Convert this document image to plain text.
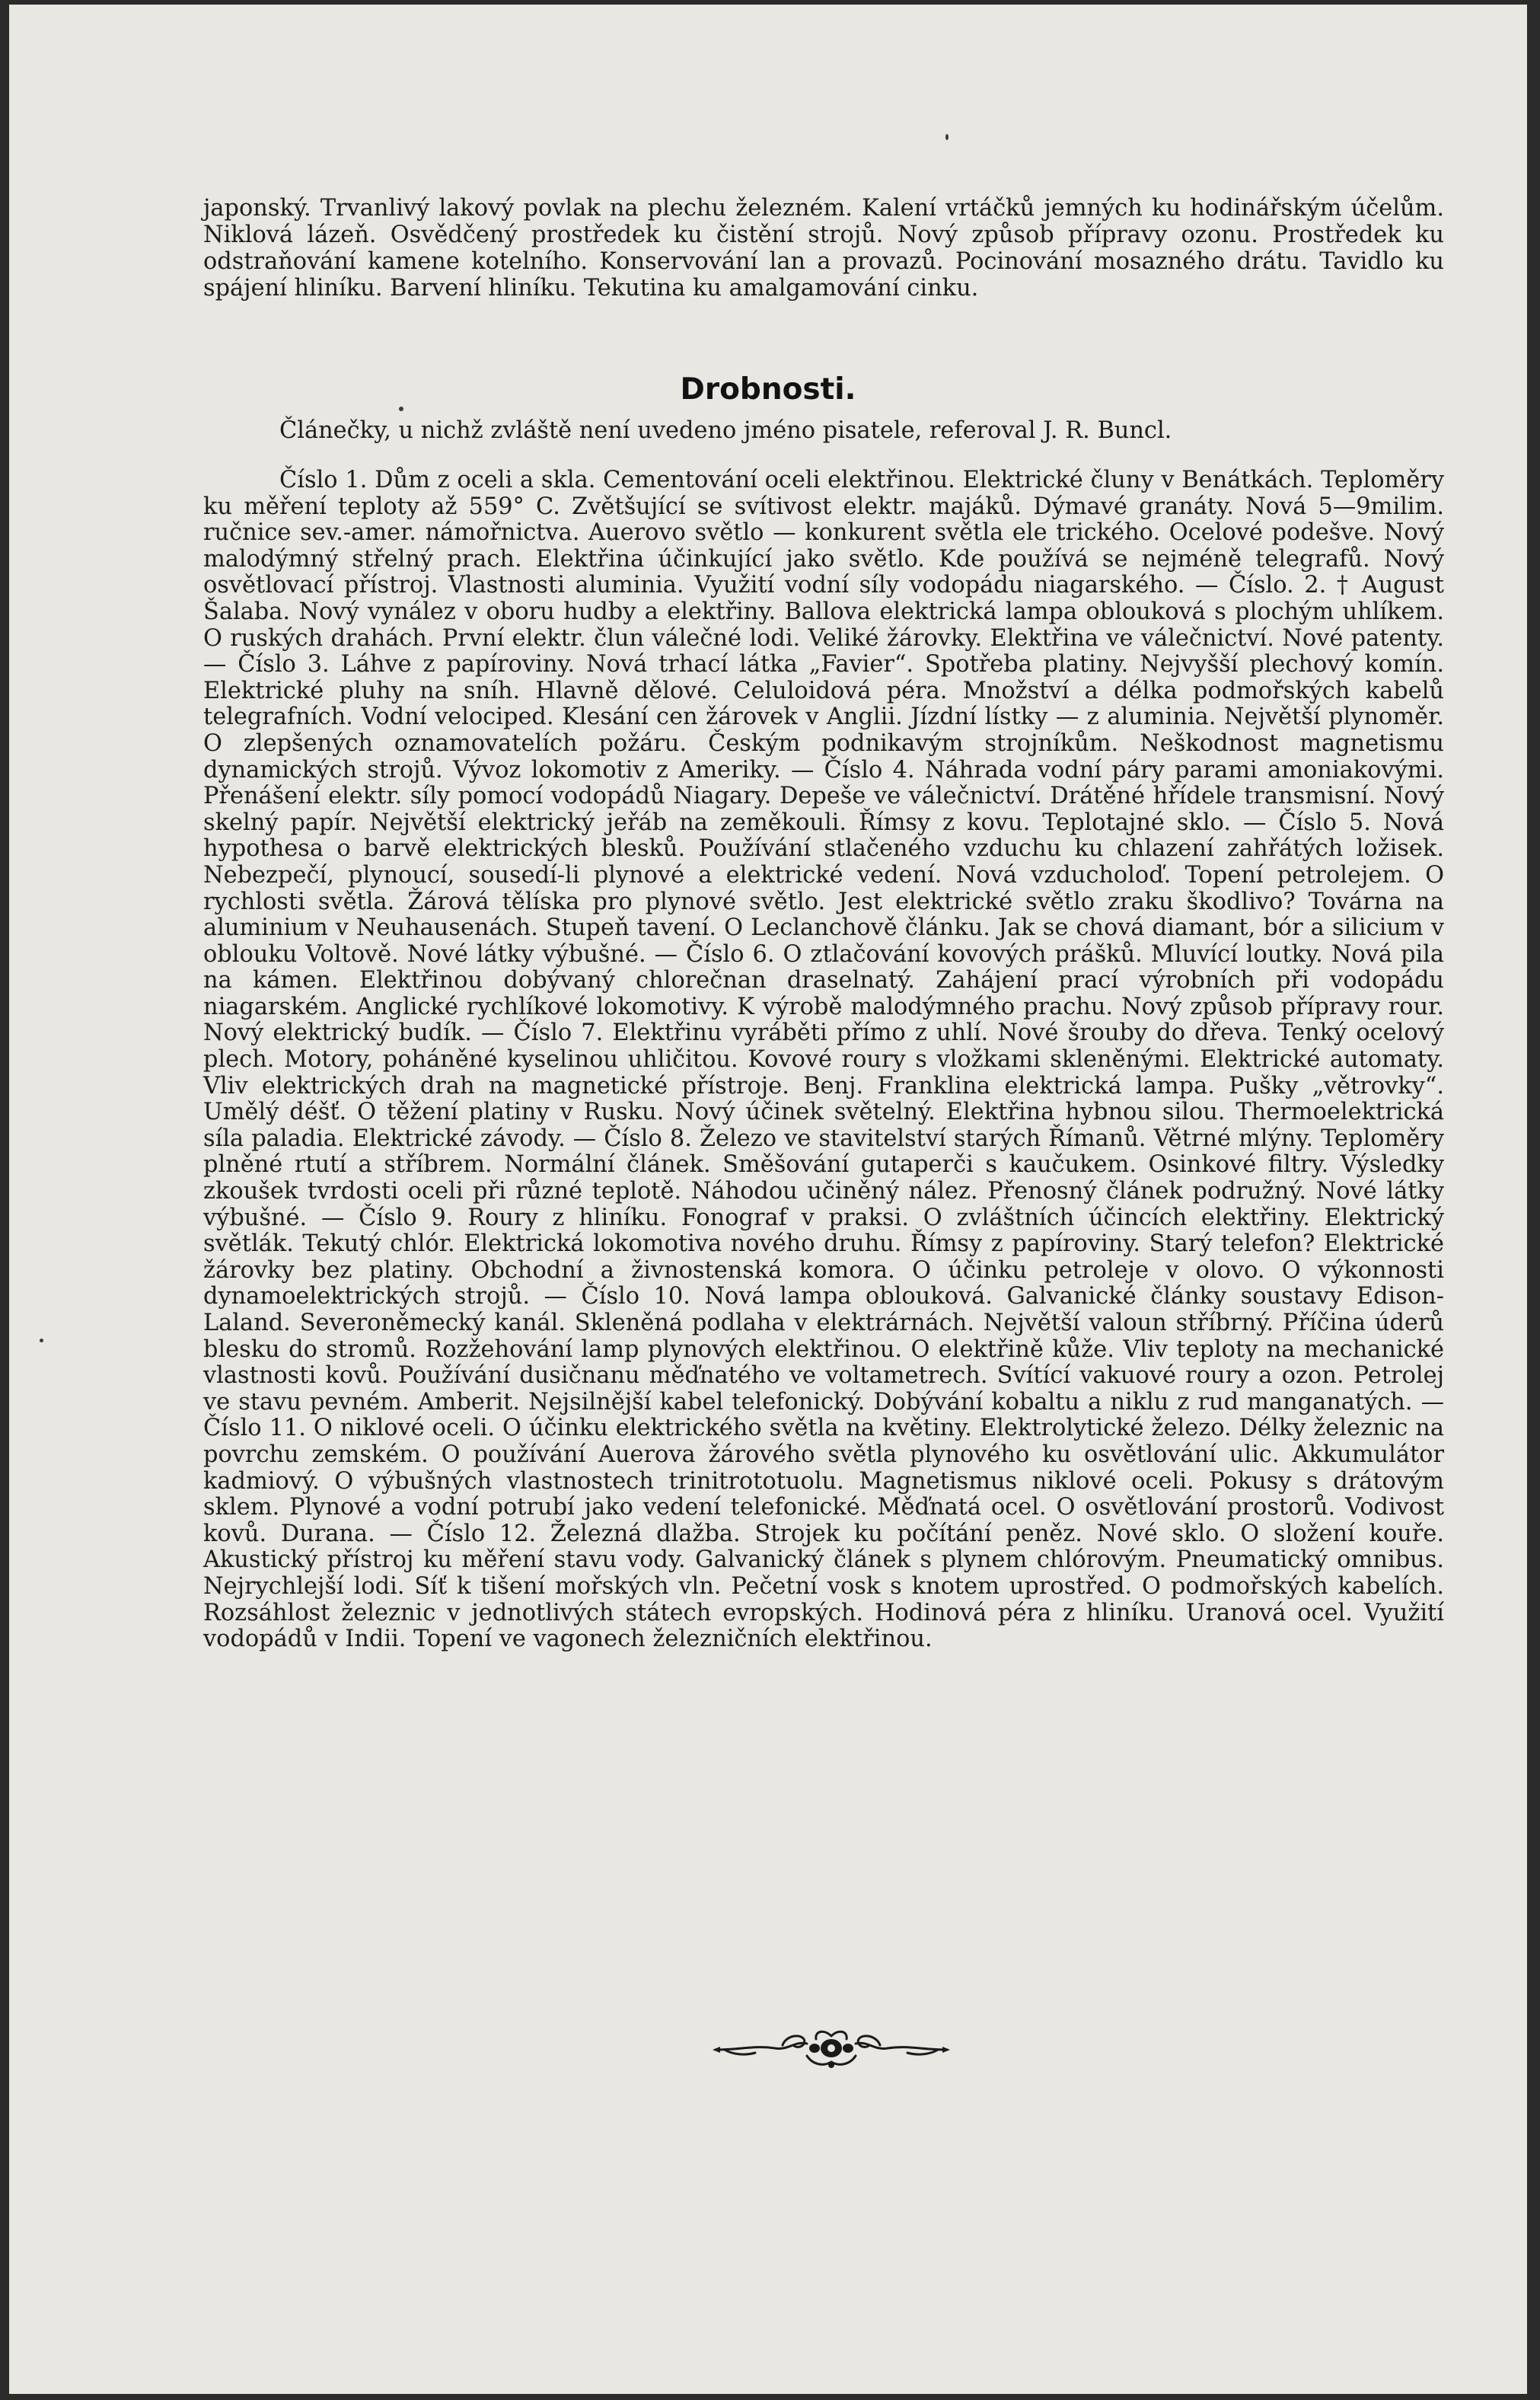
japonský. Trvanlivý lakový povlak na plechu železném. Kalení vrtáčků jemných ku hodinářským účelům. Niklová lázeň. Osvědčený prostředek ku čistění strojů. Nový způsob přípravy ozonu. Prostředek ku odstraňování kamene kotelního. Konservování lan a provazů. Pocinování mosazného drátu. Tavidlo ku spájení hliníku. Barvení hliníku. Tekutina ku amalgamování cinku.

Drobnosti.

Článečky, u nichž zvláště není uvedeno jméno pisatele, referoval J. R. Buncl.

Číslo 1. Dům z oceli a skla. Cementování oceli elektřinou. Elektrické čluny v Benátkách. Teploměry ku měření teploty až 559° C. Zvětšující se svítivost elektr. majáků. Dýmavé granáty. Nová 5—9milim. ručnice sev.-amer. námořnictva. Auerovo světlo — konkurent světla ele trického. Ocelové podešve. Nový malodýmný střelný prach. Elektřina účinkující jako světlo. Kde používá se nejméně telegrafů. Nový osvětlovací přístroj. Vlastnosti aluminia. Využití vodní síly vodopádu niagarského. — Číslo. 2. † August Šalaba. Nový vynález v oboru hudby a elektřiny. Ballova elektrická lampa oblouková s plochým uhlíkem. O ruských drahách. První elektr. člun válečné lodi. Veliké žárovky. Elektřina ve válečnictví. Nové patenty. — Číslo 3. Láhve z papíroviny. Nová trhací látka „Favier“. Spotřeba platiny. Nejvyšší plechový komín. Elektrické pluhy na sníh. Hlavně dělové. Celuloidová péra. Množství a délka podmořských kabelů telegrafních. Vodní velociped. Klesání cen žárovek v Anglii. Jízdní lístky — z aluminia. Největší plynoměr. O zlepšených oznamovatelích požáru. Českým podnikavým strojníkům. Neškodnost magnetismu dynamických strojů. Vývoz lokomotiv z Ameriky. — Číslo 4. Náhrada vodní páry parami amoniakovými. Přenášení elektr. síly pomocí vodopádů Niagary. Depeše ve válečnictví. Drátěné hřídele transmisní. Nový skelný papír. Největší elektrický jeřáb na zeměkouli. Římsy z kovu. Teplotajné sklo. — Číslo 5. Nová hypothesa o barvě elektrických blesků. Používání stlačeného vzduchu ku chlazení zahřátých ložisek. Nebezpečí, plynoucí, sousedí-li plynové a elektrické vedení. Nová vzducholoď. Topení petrolejem. O rychlosti světla. Žárová tělíska pro plynové světlo. Jest elektrické světlo zraku škodlivo? Továrna na aluminium v Neuhausenách. Stupeň tavení. O Leclanchově článku. Jak se chová diamant, bór a silicium v oblouku Voltově. Nové látky výbušné. — Číslo 6. O ztlačování kovových prášků. Mluvící loutky. Nová pila na kámen. Elektřinou dobývaný chlorečnan draselnatý. Zahájení prací výrobních při vodopádu niagarském. Anglické rychlíkové lokomotivy. K výrobě malodýmného prachu. Nový způsob přípravy rour. Nový elektrický budík. — Číslo 7. Elektřinu vyráběti přímo z uhlí. Nové šrouby do dřeva. Tenký ocelový plech. Motory, poháněné kyselinou uhličitou. Kovové roury s vložkami skleněnými. Elektrické automaty. Vliv elektrických drah na magnetické přístroje. Benj. Franklina elektrická lampa. Pušky „větrovky“. Umělý déšť. O těžení platiny v Rusku. Nový účinek světelný. Elektřina hybnou silou. Thermoelektrická síla paladia. Elektrické závody. — Číslo 8. Železo ve stavitelství starých Římanů. Větrné mlýny. Teploměry plněné rtutí a stříbrem. Normální článek. Směšování gutaperči s kaučukem. Osinkové filtry. Výsledky zkoušek tvrdosti oceli při různé teplotě. Náhodou učiněný nález. Přenosný článek podružný. Nové látky výbušné. — Číslo 9. Roury z hliníku. Fonograf v praksi. O zvláštních účincích elektřiny. Elektrický světlák. Tekutý chlór. Elektrická lokomotiva nového druhu. Římsy z papíroviny. Starý telefon? Elektrické žárovky bez platiny. Obchodní a živnostenská komora. O účinku petroleje v olovo. O výkonnosti dynamoelektrických strojů. — Číslo 10. Nová lampa oblouková. Galvanické články soustavy Edison-Laland. Severoněmecký kanál. Skleněná podlaha v elektrárnách. Největší valoun stříbrný. Příčina úderů blesku do stromů. Rozžehování lamp plynových elektřinou. O elektřině kůže. Vliv teploty na mechanické vlastnosti kovů. Používání dusičnanu měďnatého ve voltametrech. Svítící vakuové roury a ozon. Petrolej ve stavu pevném. Amberit. Nejsilnější kabel telefonický. Dobývání kobaltu a niklu z rud manganatých. — Číslo 11. O niklové oceli. O účinku elektrického světla na květiny. Elektrolytické železo. Délky železnic na povrchu zemském. O používání Auerova žárového světla plynového ku osvětlování ulic. Akkumulátor kadmiový. O výbušných vlastnostech trinitrototuolu. Magnetismus niklové oceli. Pokusy s drátovým sklem. Plynové a vodní potrubí jako vedení telefonické. Měďnatá ocel. O osvětlování prostorů. Vodivost kovů. Durana. — Číslo 12. Železná dlažba. Strojek ku počítání peněz. Nové sklo. O složení kouře. Akustický přístroj ku měření stavu vody. Galvanický článek s plynem chlórovým. Pneumatický omnibus. Nejrychlejší lodi. Síť k tišení mořských vln. Pečetní vosk s knotem uprostřed. O podmořských kabelích. Rozsáhlost železnic v jednotlivých státech evropských. Hodinová péra z hliníku. Uranová ocel. Využití vodopádů v Indii. Topení ve vagonech železničních elektřinou.
